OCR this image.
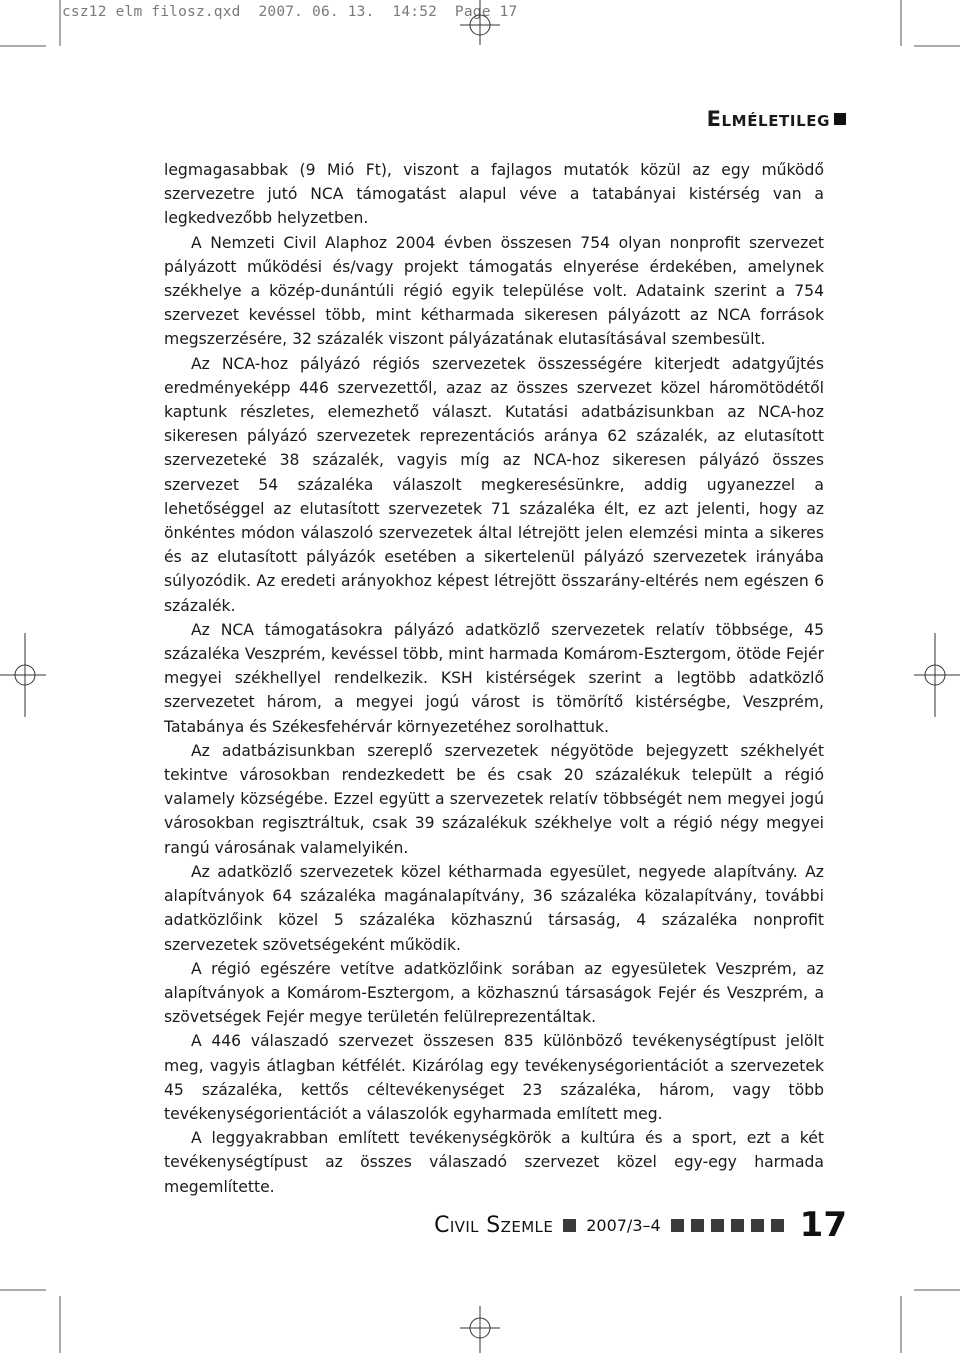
csz12 elm filosz.qxd  2007. 06. 13.  14:52  Page 17
Elméletileg

legmagasabbak (9 Mió Ft), viszont a fajlagos mutatók közül az egy működő szervezetre jutó NCA támogatást alapul véve a tatabányai kistérség van a legkedvezőbb helyzetben.

A Nemzeti Civil Alaphoz 2004 évben összesen 754 olyan nonprofit szervezet pályázott működési és/vagy projekt támogatás elnyerése érdekében, amelynek székhelye a közép-dunántúli régió egyik települése volt. Adataink szerint a 754 szervezet kevéssel több, mint kétharmada sikeresen pályázott az NCA források megszerzésére, 32 százalék viszont pályázatának elutasításával szembesült.

Az NCA-hoz pályázó régiós szervezetek összességére kiterjedt adatgyűjtés eredményeképp 446 szervezettől, azaz az összes szervezet közel háromötödétől kaptunk részletes, elemezhető választ. Kutatási adatbázisunkban az NCA-hoz sikeresen pályázó szervezetek reprezentációs aránya 62 százalék, az elutasított szervezeteké 38 százalék, vagyis míg az NCA-hoz sikeresen pályázó összes szervezet 54 százaléka válaszolt megkeresésünkre, addig ugyanezzel a lehetőséggel az elutasított szervezetek 71 százaléka élt, ez azt jelenti, hogy az önkéntes módon válaszoló szervezetek által létrejött jelen elemzési minta a sikeres és az elutasított pályázók esetében a sikertelenül pályázó szervezetek irányába súlyozódik. Az eredeti arányokhoz képest létrejött összarány-eltérés nem egészen 6 százalék.

Az NCA támogatásokra pályázó adatközlő szervezetek relatív többsége, 45 százaléka Veszprém, kevéssel több, mint harmada Komárom-Esztergom, ötöde Fejér megyei székhellyel rendelkezik. KSH kistérségek szerint a legtöbb adatközlő szervezetet három, a megyei jogú várost is tömörítő kistérségbe, Veszprém, Tatabánya és Székesfehérvár környezetéhez sorolhattuk.

Az adatbázisunkban szereplő szervezetek négyötöde bejegyzett székhelyét tekintve városokban rendezkedett be és csak 20 százalékuk települt a régió valamely községébe. Ezzel együtt a szervezetek relatív többségét nem megyei jogú városokban regisztráltuk, csak 39 százalékuk székhelye volt a régió négy megyei rangú városának valamelyikén.

Az adatközlő szervezetek közel kétharmada egyesület, negyede alapítvány. Az alapítványok 64 százaléka magánalapítvány, 36 százaléka közalapítvány, további adatközlőink közel 5 százaléka közhasznú társaság, 4 százaléka nonprofit szervezetek szövetségeként működik.

A régió egészére vetítve adatközlőink sorában az egyesületek Veszprém, az alapítványok a Komárom-Esztergom, a közhasznú társaságok Fejér és Veszprém, a szövetségek Fejér megye területén felülreprezentáltak.

A 446 válaszadó szervezet összesen 835 különböző tevékenységtípust jelölt meg, vagyis átlagban kétfélét. Kizárólag egy tevékenységorientációt a szervezetek 45 százaléka, kettős céltevékenységet 23 százaléka, három, vagy több tevékenységorientációt a válaszolók egyharmada említett meg.

A leggyakrabban említett tevékenységkörök a kultúra és a sport, ezt a két tevékenységtípust az összes válaszadó szervezet közel egy-egy harmada megemlítette.

Civil Szemle 2007/3–4	17
